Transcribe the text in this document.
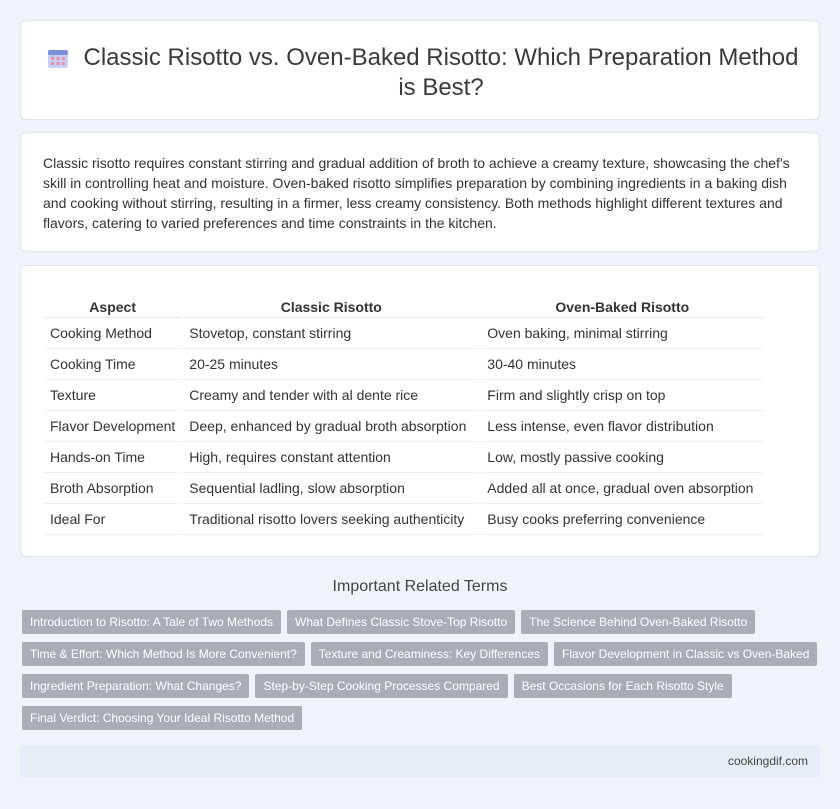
Classic Risotto vs. Oven-Baked Risotto: Which Preparation Method is Best?

Classic risotto requires constant stirring and gradual addition of broth to achieve a creamy texture, showcasing the chef's skill in controlling heat and moisture. Oven-baked risotto simplifies preparation by combining ingredients in a baking dish and cooking without stirring, resulting in a firmer, less creamy consistency. Both methods highlight different textures and flavors, catering to varied preferences and time constraints in the kitchen.

Aspect	Classic Risotto	Oven-Baked Risotto
Cooking Method	Stovetop, constant stirring	Oven baking, minimal stirring
Cooking Time	20-25 minutes	30-40 minutes
Texture	Creamy and tender with al dente rice	Firm and slightly crisp on top
Flavor Development	Deep, enhanced by gradual broth absorption	Less intense, even flavor distribution
Hands-on Time	High, requires constant attention	Low, mostly passive cooking
Broth Absorption	Sequential ladling, slow absorption	Added all at once, gradual oven absorption
Ideal For	Traditional risotto lovers seeking authenticity	Busy cooks preferring convenience
Important Related Terms
Introduction to Risotto: A Tale of Two Methods What Defines Classic Stove-Top Risotto The Science Behind Oven-Baked Risotto
Time & Effort: Which Method Is More Convenient? Texture and Creaminess: Key Differences Flavor Development in Classic vs Oven-Baked
Ingredient Preparation: What Changes? Step-by-Step Cooking Processes Compared Best Occasions for Each Risotto Style
Final Verdict: Choosing Your Ideal Risotto Method
cookingdif.com
